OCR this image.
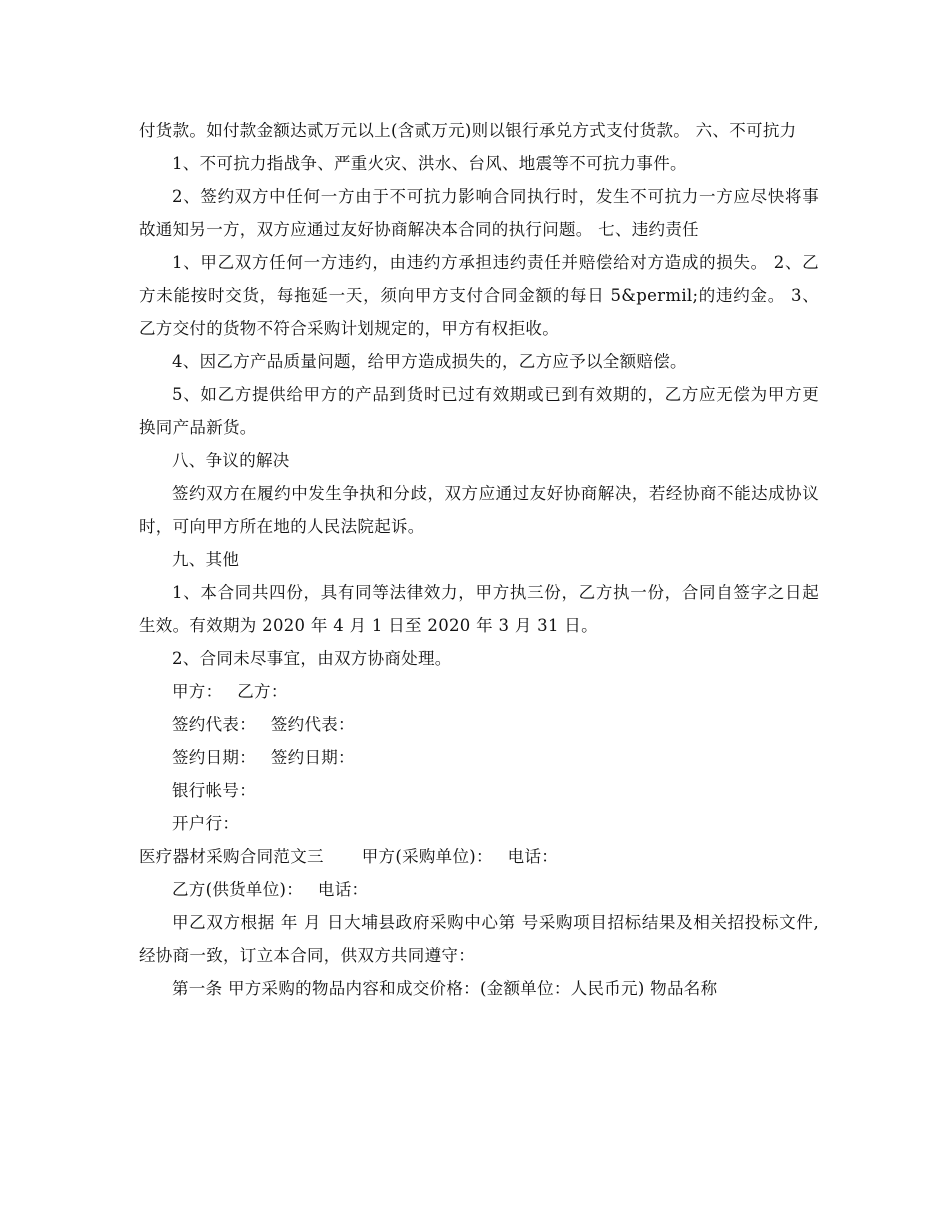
付货款。如付款金额达贰万元以上(含贰万元)则以银行承兑方式支付货款。 六、不可抗力

1、不可抗力指战争、严重火灾、洪水、台风、地震等不可抗力事件。

2、签约双方中任何一方由于不可抗力影响合同执行时，发生不可抗力一方应尽快将事故通知另一方，双方应通过友好协商解决本合同的执行问题。 七、违约责任

1、甲乙双方任何一方违约，由违约方承担违约责任并赔偿给对方造成的损失。 2、乙方未能按时交货，每拖延一天，须向甲方支付合同金额的每日 5&permil;的违约金。 3、乙方交付的货物不符合采购计划规定的，甲方有权拒收。

4、因乙方产品质量问题，给甲方造成损失的，乙方应予以全额赔偿。

5、如乙方提供给甲方的产品到货时已过有效期或已到有效期的，乙方应无偿为甲方更换同产品新货。

八、争议的解决

签约双方在履约中发生争执和分歧，双方应通过友好协商解决，若经协商不能达成协议时，可向甲方所在地的人民法院起诉。

九、其他

1、本合同共四份，具有同等法律效力，甲方执三份，乙方执一份，合同自签字之日起生效。有效期为 2020 年 4 月 1 日至 2020 年 3 月 31 日。

2、合同未尽事宜，由双方协商处理。

甲方： 乙方：

签约代表： 签约代表：

签约日期： 签约日期：

银行帐号：

开户行：

医疗器材采购合同范文三 甲方(采购单位)： 电话：

乙方(供货单位)： 电话：

甲乙双方根据 年 月 日大埔县政府采购中心第 号采购项目招标结果及相关招投标文件,经协商一致，订立本合同，供双方共同遵守：

第一条 甲方采购的物品内容和成交价格：(金额单位：人民币元) 物品名称
